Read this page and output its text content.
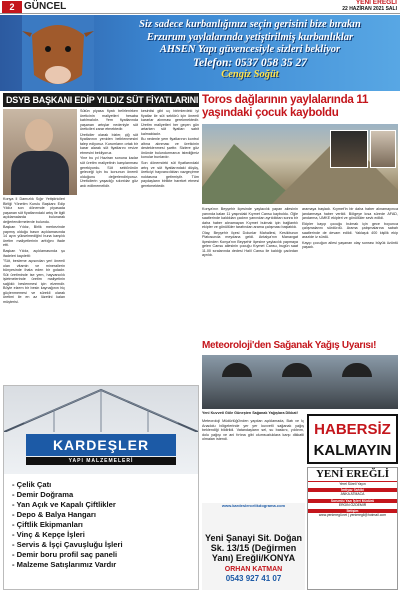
2 GÜNCEL	YENİ EREĞLİ
22 HAZİRAN 2021 SALI
Siz sadece kurbanlığınızı seçin gerisini bize bırakın
Erzurum yaylalarında yetiştirilmiş kurbanlıklar
AHSEN Yapı güvencesiyle sizleri bekliyor
Telefon: 0537 058 35 27
Cengiz Soğüt
DSYB BAŞKANI EDİP YILDIZ SÜT FİYATLARINI

Konya İl Damızlık Sığır Yetiştiricileri Birliği Yönetim Kurulu Başkanı Edip Yıldız son dönemde piyasada yaşanan süt fiyatlarındaki artış ile ilgili açıklamalarda bulunarak değerlendirmelerde bulundu.

Başkan Yıldız, Birlik merkezinde yapmış olduğu basın açıklamasında 14 ayın yükselmediğini buna karşılık üretim maliyetlerinin arttığını ifade etti.

Başkan Yıldız, açıklamasında şu ifadeleri kaydetti:

"Süt, besleme açısından yeri önemli olan vitamin ve minerallerin bünyesinde ihata eden bir gıdadır. Süt üretiminde ise yem, hayvancılık işletmelerinde üretim maliyetinin sağlıklı beslenmesi için elzemdir. Böyle elzem bir besin kaynağının hiç güçlenmemesi ve sürekli olarak üretimi ile en az lüzetini kalan müşterisi.

Sütün piyasa fiyatı belirlenirken üreticinin maliyetleri hesaba katılmalıdır. Yem fiyatlarında yaşanan artışlar nedeniyle süt üreticileri zarar etmektedir.

Üreticiler olarak bizler, çiğ süt fiyatlarının yeniden belirlenmesini talep ediyoruz. Kurumların ortak bir karar alarak süt fiyatlarını revize etmesini bekliyoruz.

Yine bu yıl Haziran sonuna kadar süt üretim maliyetinin karşılanması gerekiyordu. Süt sektörünün geleceği için bu konunun önemli olduğunu değerlendiriyoruz. Üreticilerin yaşadığı sıkıntılar göz ardı edilmemelidir.

kesintisi gibi uç birimlerdeki iyi fiyatlar ile süt sektörü için önemli kararlar alınması gerekmektedir. Üretim maliyetleri her geçen gün artarken süt fiyatları sabit kalmaktadır.

Bu nedenle yem fiyatlarının kontrol altına alınması ve üreticinin desteklenmesi şarttır. Sizlere göz önünde bulundurmanızı istediğimiz konular bunlardır.

Son dönemdeki süt fiyatlarındaki artış ve süt fiyatlarındaki düşüş, üreticiyi hayvancılıktan vazgeçirme noktasına getirmiştir. Tüm paydaşların birlikte hareket etmesi gerekmektedir.

Toros dağlarının yaylalarında 11 yaşındaki çocuk kayboldu

Konya'nın Beyşehir ilçesinde yaylacılık yapan ailesinin yanında kalan 11 yaşındaki Kıymet Cansu kayboldu. Öğle saatlerinde kaldıkları çadırın yanından ayrıldıktan sonra bir daha haber alınamayan Kıymet bulmak için bağlantılı ekipler ve gönüllüler tarafından arama çalışması başlatıldı.

Olay, Beyşehir ilçesi Dolunlar Mahallesi, Kesikburun Platosunda meydana geldi. Antalya'nın Manavgat ilçesinden Konya'nın Beyşehir ilçesine yaylacılık yapmaya gelen Cansu ailesinin çocuğu Kıymet Cansu, bugün saat 11.00 sıralarında dedesi Halil Cansu ile kaldığı çadırdan ayrıldı.

aramaya başladı. Kıymet'in bir daha haber alınamayınca jandarmaya haber verildi. Bölgeye kısa sürede AFAD, jandarma, UMKE ekipleri ve gönüllüler sevk edildi.

Ekipler kayıp çocuğu bulmak için gece boyunca çalışmalarını sürdürdü. Arama çalışmalarına sabah saatlerinde de devam edildi. Yaklaşık 400 kişilik ekip arazide iz sürdü.

Kayıp çocuğun ailesi yaşanan olay sonrası büyük üzüntü yaşadı.

Meteoroloji'den Sağanak Yağış Uyarısı!
Yeni Kuvveti Göle Güneşten Sağanak Yağışlara Dikkat!
Meteoroloji Müdürlüğü'nden yapılan açıklamada, Batı ve İç Anadolu bölgelerinde yer yer kuvvetli sağanak yağış beklendiği bildirildi. Vatandaşların sel, su baskını, yıldırım, dolu yağışı ve ani fırtına gibi olumsuzluklara karşı dikkatli olmaları istendi.
KARDEŞLER
YAPI MALZEMELERİ
- Çelik Çatı
- Demir Doğrama
- Yan Açık ve Kapalı Çiftlikler
- Depo & Balya Hangarı
- Çiftlik Ekipmanları
- Vinç & Kepçe İşleri
- Servis & İşçi Çavuşluğu İşleri
- Demir boru profil saç paneli
- Malzeme Satışlarımız Vardır
www.kardeslercelikdograma.com
Yeni Şanayi Sit. Doğan Sk. 13/15 (Değirmen Yanı) Ereğli/KONYA
ORHAN KATMAN
0543 927 41 07
HABERSİZ
KALMAYIN
YENİ EREĞLİ
Yerel Süreli Yayın
İmtiyaz Sahibi
ANKA ATMACA
Sorumlu Yazı İşleri Müdürü
ERGİN ÖZDEMİR
İletişim
www.yenieregli.net | yenieregli@hotmail.com
